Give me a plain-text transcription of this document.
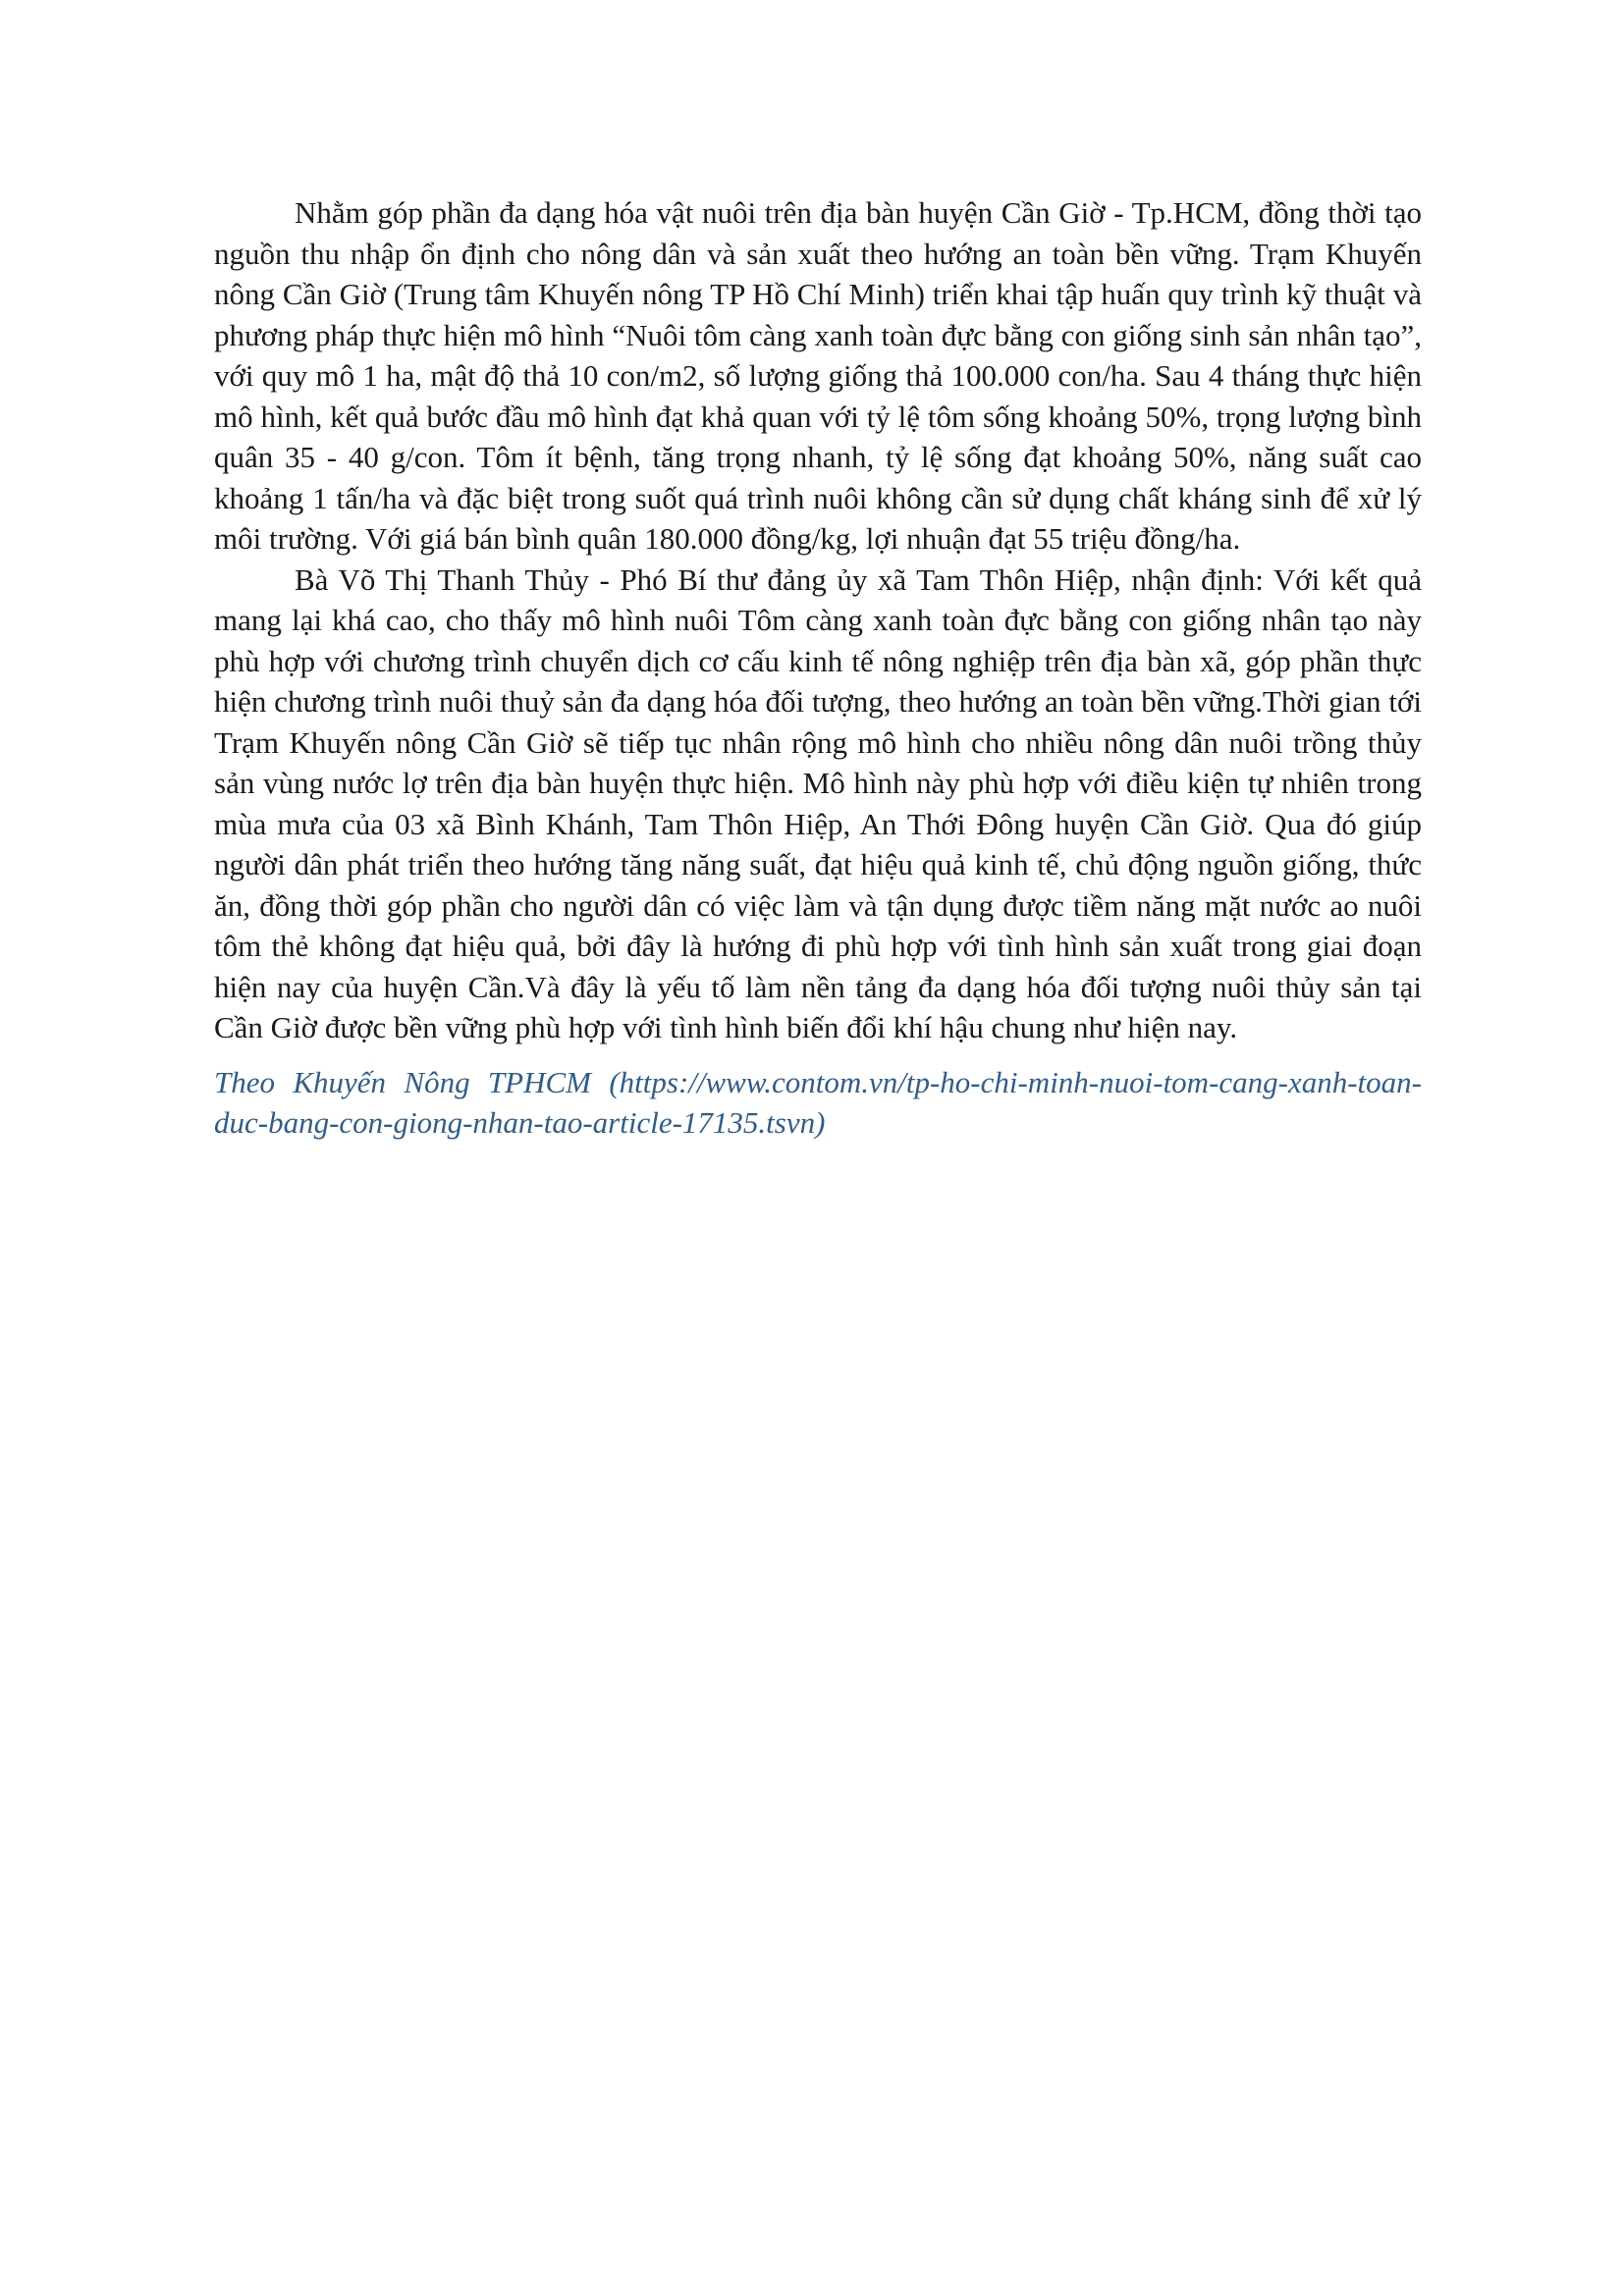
Nhằm góp phần đa dạng hóa vật nuôi trên địa bàn huyện Cần Giờ - Tp.HCM, đồng thời tạo nguồn thu nhập ổn định cho nông dân và sản xuất theo hướng an toàn bền vững. Trạm Khuyến nông Cần Giờ (Trung tâm Khuyến nông TP Hồ Chí Minh) triển khai tập huấn quy trình kỹ thuật và phương pháp thực hiện mô hình “Nuôi tôm càng xanh toàn đực bằng con giống sinh sản nhân tạo”, với quy mô 1 ha, mật độ thả 10 con/m2, số lượng giống thả 100.000 con/ha. Sau 4 tháng thực hiện mô hình, kết quả bước đầu mô hình đạt khả quan với tỷ lệ tôm sống khoảng 50%, trọng lượng bình quân 35 - 40 g/con. Tôm ít bệnh, tăng trọng nhanh, tỷ lệ sống đạt khoảng 50%, năng suất cao khoảng 1 tấn/ha và đặc biệt trong suốt quá trình nuôi không cần sử dụng chất kháng sinh để xử lý môi trường. Với giá bán bình quân 180.000 đồng/kg, lợi nhuận đạt 55 triệu đồng/ha.

Bà Võ Thị Thanh Thủy - Phó Bí thư đảng ủy xã Tam Thôn Hiệp, nhận định: Với kết quả mang lại khá cao, cho thấy mô hình nuôi Tôm càng xanh toàn đực bằng con giống nhân tạo này phù hợp với chương trình chuyển dịch cơ cấu kinh tế nông nghiệp trên địa bàn xã, góp phần thực hiện chương trình nuôi thuỷ sản đa dạng hóa đối tượng, theo hướng an toàn bền vững.Thời gian tới Trạm Khuyến nông Cần Giờ sẽ tiếp tục nhân rộng mô hình cho nhiều nông dân nuôi trồng thủy sản vùng nước lợ trên địa bàn huyện thực hiện. Mô hình này phù hợp với điều kiện tự nhiên trong mùa mưa của 03 xã Bình Khánh, Tam Thôn Hiệp, An Thới Đông huyện Cần Giờ. Qua đó giúp người dân phát triển theo hướng tăng năng suất, đạt hiệu quả kinh tế, chủ động nguồn giống, thức ăn, đồng thời góp phần cho người dân có việc làm và tận dụng được tiềm năng mặt nước ao nuôi tôm thẻ không đạt hiệu quả, bởi đây là hướng đi phù hợp với tình hình sản xuất trong giai đoạn hiện nay của huyện Cần.Và đây là yếu tố làm nền tảng đa dạng hóa đối tượng nuôi thủy sản tại Cần Giờ được bền vững phù hợp với tình hình biến đổi khí hậu chung như hiện nay.

Theo Khuyến Nông TPHCM (https://www.contom.vn/tp-ho-chi-minh-nuoi-tom-cang-xanh-toan-duc-bang-con-giong-nhan-tao-article-17135.tsvn)
